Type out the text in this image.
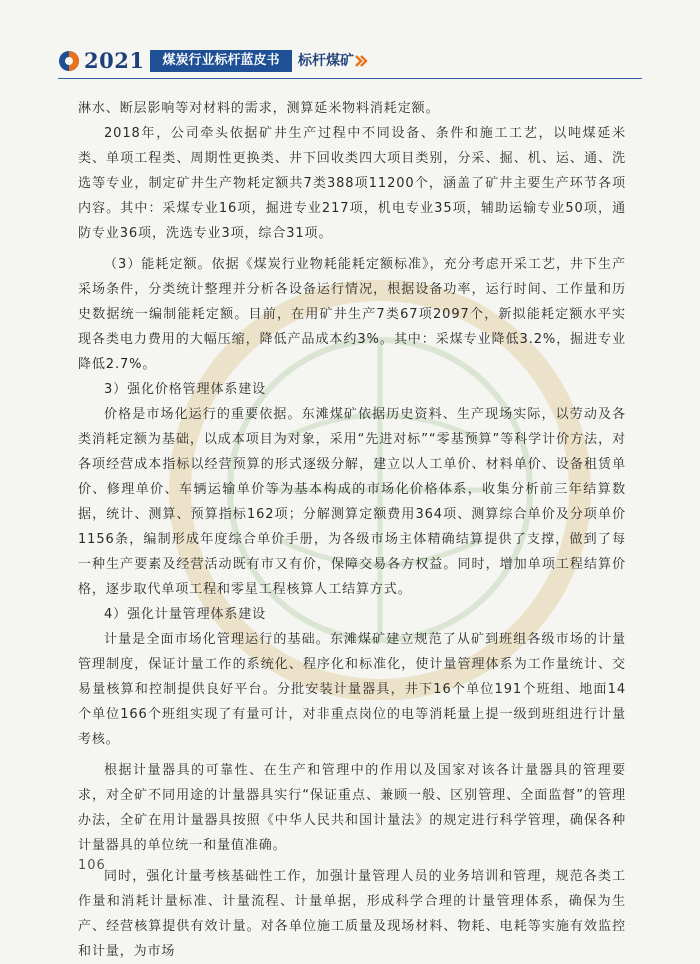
2021	煤炭行业标杆蓝皮书	标杆煤矿

淋水、断层影响等对材料的需求，测算延米物料消耗定额。

2018年，公司牵头依据矿井生产过程中不同设备、条件和施工工艺，以吨煤延米类、单项工程类、周期性更换类、井下回收类四大项目类别，分采、掘、机、运、通、洗选等专业，制定矿井生产物耗定额共7类388项11200个，涵盖了矿井主要生产环节各项内容。其中：采煤专业16项，掘进专业217项，机电专业35项，辅助运输专业50项，通防专业36项，洗选专业3项，综合31项。

（3）能耗定额。依据《煤炭行业物耗能耗定额标准》，充分考虑开采工艺，井下生产采场条件，分类统计整理并分析各设备运行情况，根据设备功率，运行时间、工作量和历史数据统一编制能耗定额。目前，在用矿井生产7类67项2097个，新拟能耗定额水平实现各类电力费用的大幅压缩，降低产品成本约3%。其中：采煤专业降低3.2%，掘进专业降低2.7%。

3）强化价格管理体系建设

价格是市场化运行的重要依据。东滩煤矿依据历史资料、生产现场实际，以劳动及各类消耗定额为基础，以成本项目为对象，采用“先进对标”“零基预算”等科学计价方法，对各项经营成本指标以经营预算的形式逐级分解，建立以人工单价、材料单价、设备租赁单价、修理单价、车辆运输单价等为基本构成的市场化价格体系，收集分析前三年结算数据，统计、测算、预算指标162项；分解测算定额费用364项、测算综合单价及分项单价1156条，编制形成年度综合单价手册，为各级市场主体精确结算提供了支撑，做到了每一种生产要素及经营活动既有市又有价，保障交易各方权益。同时，增加单项工程结算价格，逐步取代单项工程和零星工程核算人工结算方式。

4）强化计量管理体系建设

计量是全面市场化管理运行的基础。东滩煤矿建立规范了从矿到班组各级市场的计量管理制度，保证计量工作的系统化、程序化和标准化，使计量管理体系为工作量统计、交易量核算和控制提供良好平台。分批安装计量器具，井下16个单位191个班组、地面14个单位166个班组实现了有量可计，对非重点岗位的电等消耗量上提一级到班组进行计量考核。

根据计量器具的可靠性、在生产和管理中的作用以及国家对该各计量器具的管理要求，对全矿不同用途的计量器具实行“保证重点、兼顾一般、区别管理、全面监督”的管理办法，全矿在用计量器具按照《中华人民共和国计量法》的规定进行科学管理，确保各种计量器具的单位统一和量值准确。

同时，强化计量考核基础性工作，加强计量管理人员的业务培训和管理，规范各类工作量和消耗计量标准、计量流程、计量单据，形成科学合理的计量管理体系，确保为生产、经营核算提供有效计量。对各单位施工质量及现场材料、物耗、电耗等实施有效监控和计量，为市场

106
